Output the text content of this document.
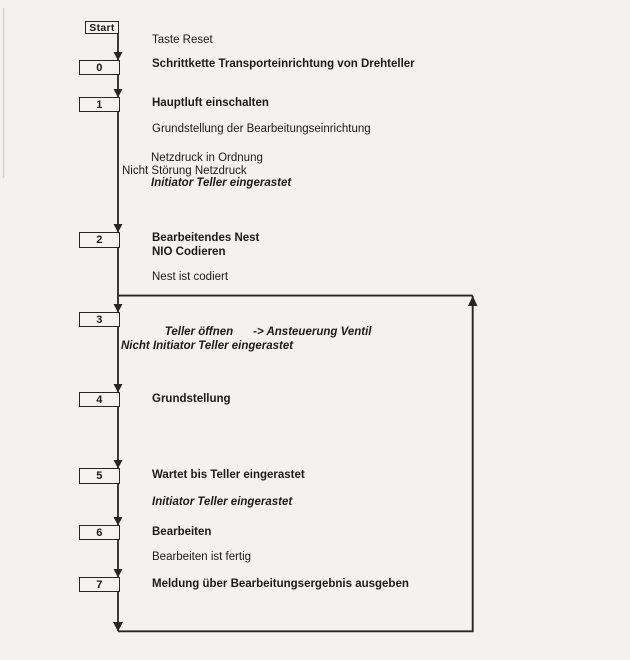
Start
0
1
2
3
4
5
6
7
Taste Reset
Schrittkette Transporteinrichtung von Drehteller
Hauptluft einschalten
Grundstellung der Bearbeitungseinrichtung
Netzdruck in Ordnung
Nicht Störung Netzdruck
Initiator Teller eingerastet
Bearbeitendes Nest
NIO Codieren
Nest ist codiert

Teller öffnen -> Ansteuerung Ventil

Nicht Initiator Teller eingerastet
Grundstellung
Wartet bis Teller eingerastet
Initiator Teller eingerastet
Bearbeiten
Bearbeiten ist fertig
Meldung über Bearbeitungsergebnis ausgeben
